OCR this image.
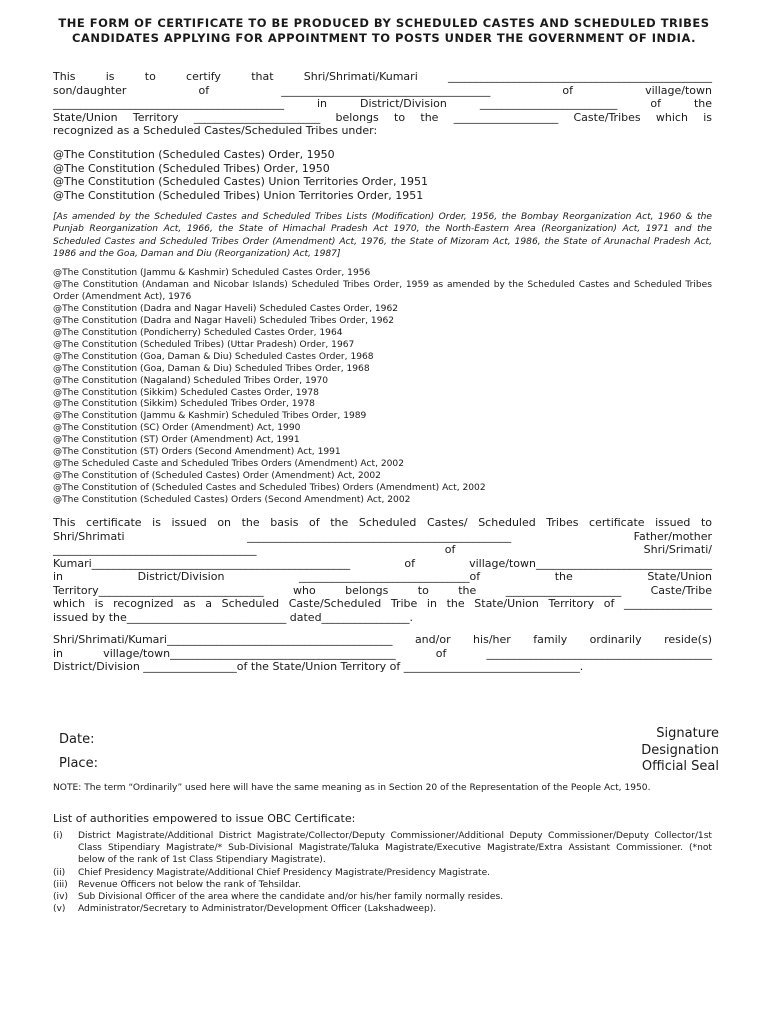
THE FORM OF CERTIFICATE TO BE PRODUCED BY SCHEDULED CASTES AND SCHEDULED TRIBES CANDIDATES APPLYING FOR APPOINTMENT TO POSTS UNDER THE GOVERNMENT OF INDIA.
This is to certify that Shri/Shrimati/Kumari ________________________________________________
son/daughter of ______________________________________ of village/town
__________________________________________ in District/Division _________________________ of the
State/Union Territory _______________________ belongs to the ___________________ Caste/Tribes which is
recognized as a Scheduled Castes/Scheduled Tribes under:
@The Constitution (Scheduled Castes) Order, 1950
@The Constitution (Scheduled Tribes) Order, 1950
@The Constitution (Scheduled Castes) Union Territories Order, 1951
@The Constitution (Scheduled Tribes) Union Territories Order, 1951
[As amended by the Scheduled Castes and Scheduled Tribes Lists (Modification) Order, 1956, the Bombay Reorganization Act, 1960 & the Punjab Reorganization Act, 1966, the State of Himachal Pradesh Act 1970, the North-Eastern Area (Reorganization) Act, 1971 and the Scheduled Castes and Scheduled Tribes Order (Amendment) Act, 1976, the State of Mizoram Act, 1986, the State of Arunachal Pradesh Act, 1986 and the Goa, Daman and Diu (Reorganization) Act, 1987]
@The Constitution (Jammu & Kashmir) Scheduled Castes Order, 1956
@The Constitution (Andaman and Nicobar Islands) Scheduled Tribes Order, 1959 as amended by the Scheduled Castes and Scheduled Tribes Order (Amendment Act), 1976
@The Constitution (Dadra and Nagar Haveli) Scheduled Castes Order, 1962
@The Constitution (Dadra and Nagar Haveli) Scheduled Tribes Order, 1962
@The Constitution (Pondicherry) Scheduled Castes Order, 1964
@The Constitution (Scheduled Tribes) (Uttar Pradesh) Order, 1967
@The Constitution (Goa, Daman & Diu) Scheduled Castes Order, 1968
@The Constitution (Goa, Daman & Diu) Scheduled Tribes Order, 1968
@The Constitution (Nagaland) Scheduled Tribes Order, 1970
@The Constitution (Sikkim) Scheduled Castes Order, 1978
@The Constitution (Sikkim) Scheduled Tribes Order, 1978
@The Constitution (Jammu & Kashmir) Scheduled Tribes Order, 1989
@The Constitution (SC) Order (Amendment) Act, 1990
@The Constitution (ST) Order (Amendment) Act, 1991
@The Constitution (ST) Orders (Second Amendment) Act, 1991
@The Scheduled Caste and Scheduled Tribes Orders (Amendment) Act, 2002
@The Constitution of (Scheduled Castes) Order (Amendment) Act, 2002
@The Constitution of (Scheduled Castes and Scheduled Tribes) Orders (Amendment) Act, 2002
@The Constitution (Scheduled Castes) Orders (Second Amendment) Act, 2002
This certificate is issued on the basis of the Scheduled Castes/ Scheduled Tribes certificate issued to
Shri/Shrimati ________________________________________________ Father/mother
_____________________________________ of Shri/Srimati/
Kumari_______________________________________________ of village/town________________________________
in District/Division _______________________________of the State/Union
Territory______________________________ who belongs to the _____________________ Caste/Tribe
which is recognized as a Scheduled Caste/Scheduled Tribe in the State/Union Territory of ________________
issued by the_____________________________ dated________________.
Shri/Shrimati/Kumari_________________________________________ and/or his/her family ordinarily reside(s)
in village/town_________________________________________ of _________________________________________
District/Division _________________of the State/Union Territory of ________________________________.
Date:
Place:
Signature
Designation
Official Seal
NOTE: The term “Ordinarily” used here will have the same meaning as in Section 20 of the Representation of the People Act, 1950.
List of authorities empowered to issue OBC Certificate:
(i)	District Magistrate/Additional District Magistrate/Collector/Deputy Commissioner/Additional Deputy Commissioner/Deputy Collector/1st Class Stipendiary Magistrate/* Sub-Divisional Magistrate/Taluka Magistrate/Executive Magistrate/Extra Assistant Commissioner. (*not below of the rank of 1st Class Stipendiary Magistrate).
(ii)	Chief Presidency Magistrate/Additional Chief Presidency Magistrate/Presidency Magistrate.
(iii)	Revenue Officers not below the rank of Tehsildar.
(iv)	Sub Divisional Officer of the area where the candidate and/or his/her family normally resides.
(v)	Administrator/Secretary to Administrator/Development Officer (Lakshadweep).
